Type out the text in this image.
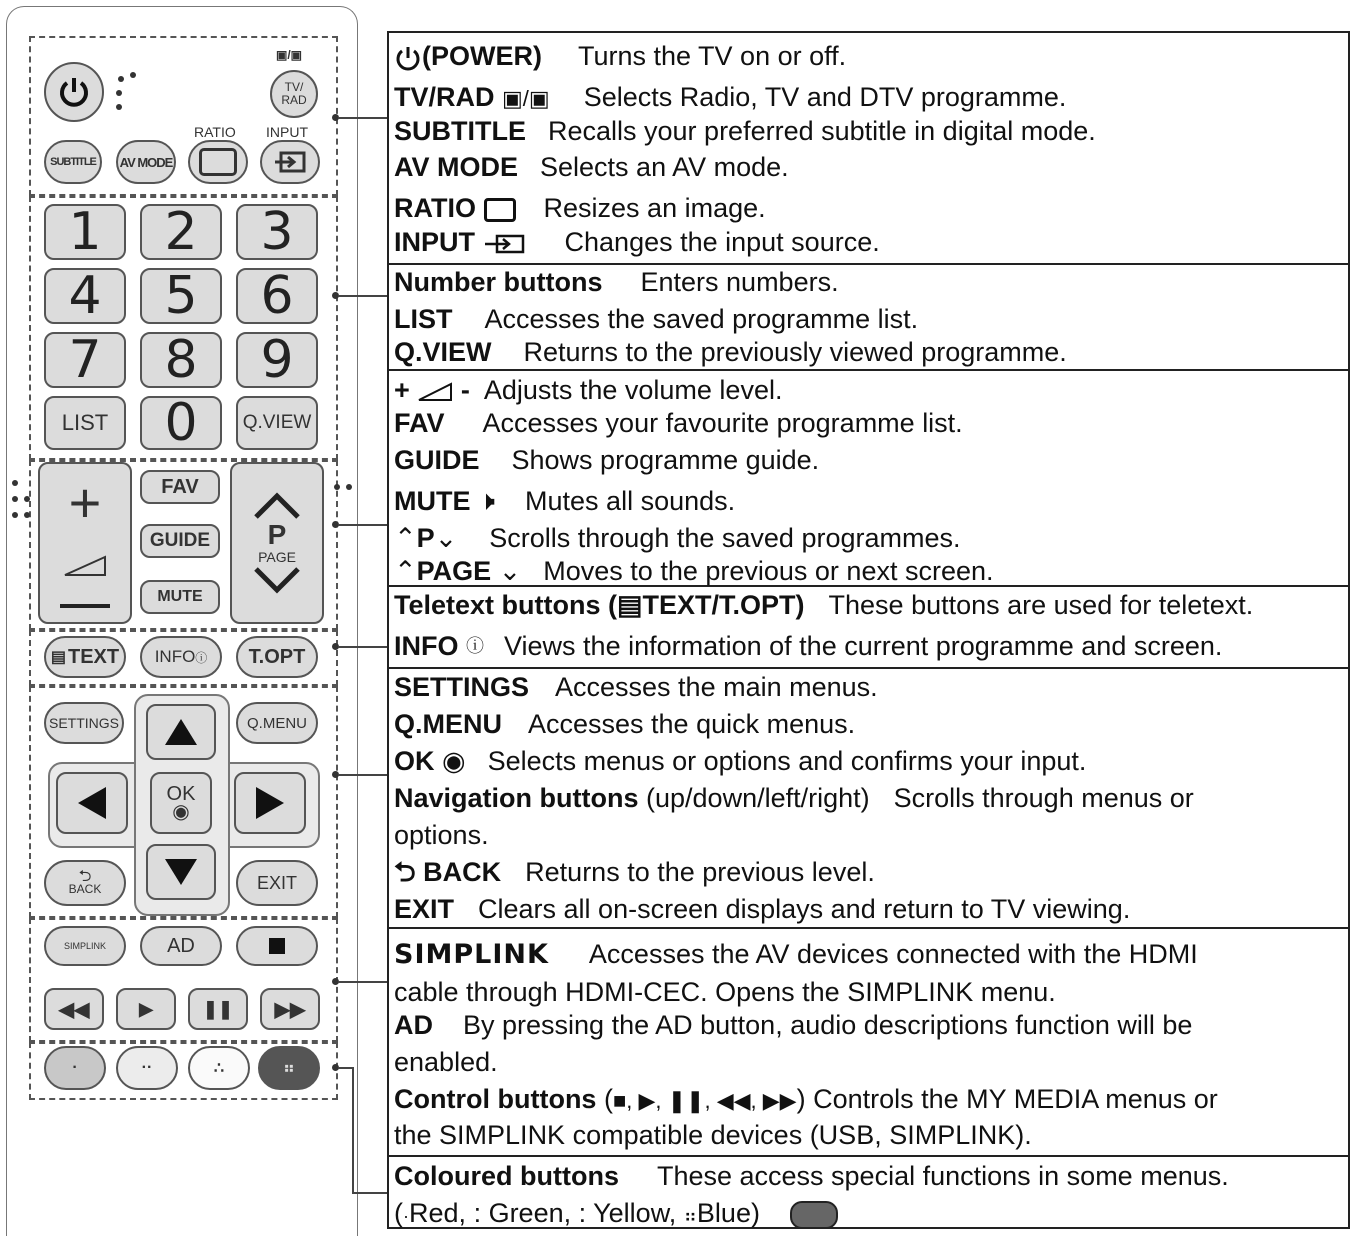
▣/▣
TV/ RAD
RATIO INPUT
SUBTITLE	AV MODE
1	2	3
4	5	6
7	8	9
LIST	0	Q.VIEW
+	FAV
GUIDE
MUTE
P
PAGE
▤ TEXT INFO ⓘ	T.OPT
SETTINGS	Q.MENU
OK
◉
⮌
BACK	EXIT
SIMPLINK	AD
◀◀	▶	❚❚ ▶▶
·	··	∴	⠶
(POWER) Turns the TV on or off.
TV/RAD ▣/▣ Selects Radio, TV and DTV programme.
SUBTITLE Recalls your preferred subtitle in digital mode.
AV MODE Selects an AV mode.
RATIO	Resizes an image.
INPUT	Changes the input source.
Number buttons Enters numbers.
LIST Accesses the saved programme list.
Q.VIEW Returns to the previously viewed programme.
+ - Adjusts the volume level.
FAV Accesses your favourite programme list.
GUIDE Shows programme guide.
MUTE 🕨 Mutes all sounds.
⌃P⌄ Scrolls through the saved programmes.
⌃PAGE ⌄ Moves to the previous or next screen.
Teletext buttons (▤TEXT/T.OPT) These buttons are used for teletext.
INFO ⓘ Views the information of the current programme and screen.
SETTINGS Accesses the main menus.
Q.MENU Accesses the quick menus.
OK ◉ Selects menus or options and confirms your input.
Navigation buttons (up/down/left/right) Scrolls through menus or
options.
⮌ BACK Returns to the previous level.
EXIT Clears all on-screen displays and return to TV viewing.
SIMPLINK Accesses the AV devices connected with the HDMI
cable through HDMI-CEC. Opens the SIMPLINK menu.
AD By pressing the AD button, audio descriptions function will be
enabled.
Control buttons (■, ▶, ❚❚, ◀◀, ▶▶) Controls the MY MEDIA menus or
the SIMPLINK compatible devices (USB, SIMPLINK).
Coloured buttons These access special functions in some menus.
(·Red, : Green, : Yellow, ⠶Blue)
